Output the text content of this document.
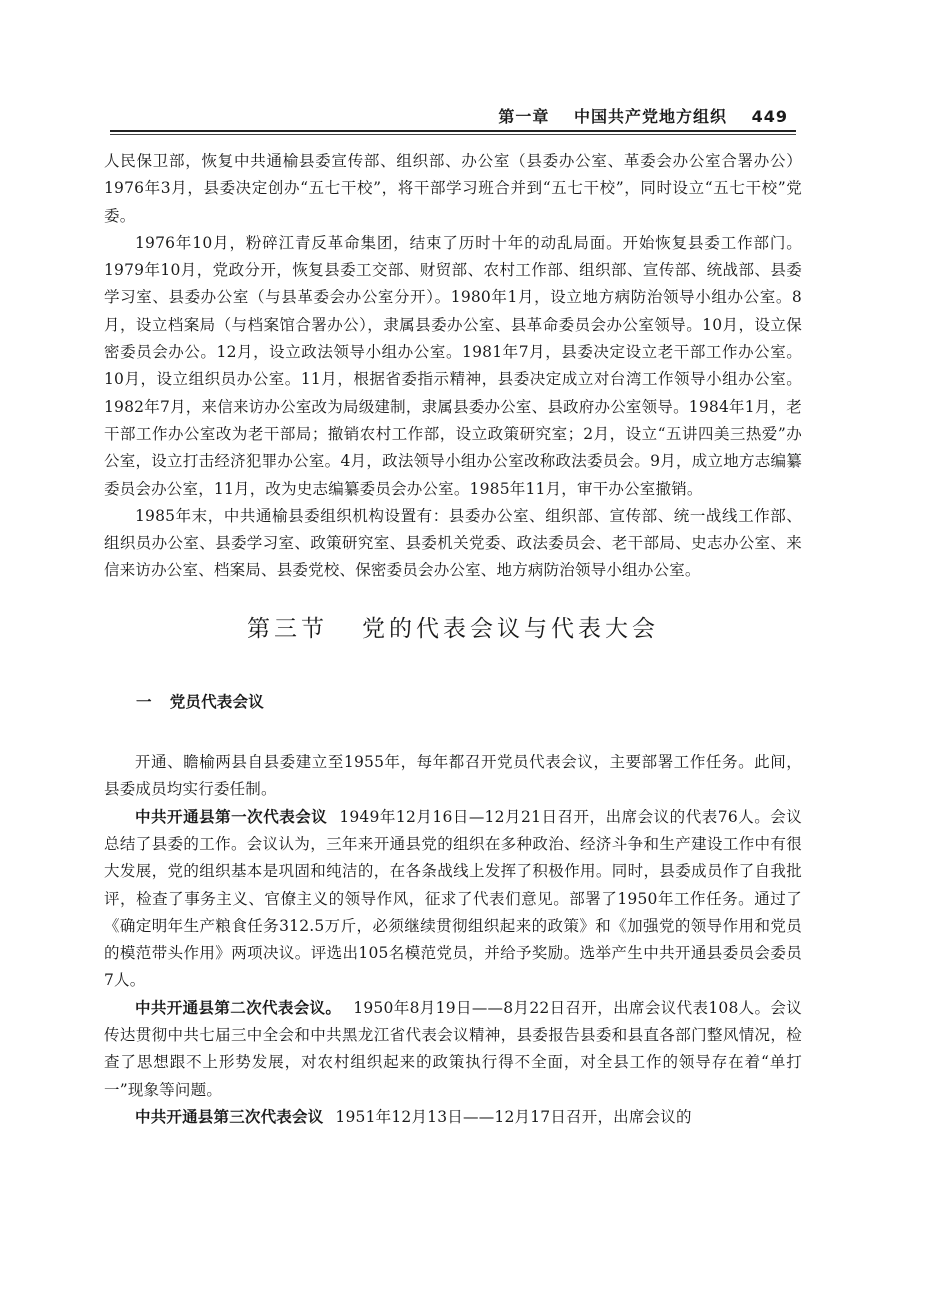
第一章 中国共产党地方组织 449

人民保卫部，恢复中共通榆县委宣传部、组织部、办公室（县委办公室、革委会办公室合署办公）1976年3月，县委决定创办“五七干校”，将干部学习班合并到“五七干校”，同时设立“五七干校”党委。

1976年10月，粉碎江青反革命集团，结束了历时十年的动乱局面。开始恢复县委工作部门。1979年10月，党政分开，恢复县委工交部、财贸部、农村工作部、组织部、宣传部、统战部、县委学习室、县委办公室（与县革委会办公室分开）。1980年1月，设立地方病防治领导小组办公室。8月，设立档案局（与档案馆合署办公），隶属县委办公室、县革命委员会办公室领导。10月，设立保密委员会办公。12月，设立政法领导小组办公室。1981年7月，县委决定设立老干部工作办公室。10月，设立组织员办公室。11月，根据省委指示精神，县委决定成立对台湾工作领导小组办公室。1982年7月，来信来访办公室改为局级建制，隶属县委办公室、县政府办公室领导。1984年1月，老干部工作办公室改为老干部局；撤销农村工作部，设立政策研究室；2月，设立“五讲四美三热爱”办公室，设立打击经济犯罪办公室。4月，政法领导小组办公室改称政法委员会。9月，成立地方志编纂委员会办公室，11月，改为史志编纂委员会办公室。1985年11月，审干办公室撤销。

1985年末，中共通榆县委组织机构设置有：县委办公室、组织部、宣传部、统一战线工作部、组织员办公室、县委学习室、政策研究室、县委机关党委、政法委员会、老干部局、史志办公室、来信来访办公室、档案局、县委党校、保密委员会办公室、地方病防治领导小组办公室。

第三节 党的代表会议与代表大会
一 党员代表会议

开通、瞻榆两县自县委建立至1955年，每年都召开党员代表会议，主要部署工作任务。此间，县委成员均实行委任制。

中共开通县第一次代表会议 1949年12月16日—12月21日召开，出席会议的代表76人。会议总结了县委的工作。会议认为，三年来开通县党的组织在多种政治、经济斗争和生产建设工作中有很大发展，党的组织基本是巩固和纯洁的，在各条战线上发挥了积极作用。同时，县委成员作了自我批评，检查了事务主义、官僚主义的领导作风，征求了代表们意见。部署了1950年工作任务。通过了《确定明年生产粮食任务312.5万斤，必须继续贯彻组织起来的政策》和《加强党的领导作用和党员的模范带头作用》两项决议。评选出105名模范党员，并给予奖励。选举产生中共开通县委员会委员7人。

中共开通县第二次代表会议。 1950年8月19日——8月22日召开，出席会议代表108人。会议传达贯彻中共七届三中全会和中共黑龙江省代表会议精神，县委报告县委和县直各部门整风情况，检查了思想跟不上形势发展，对农村组织起来的政策执行得不全面，对全县工作的领导存在着“单打一”现象等问题。

中共开通县第三次代表会议 1951年12月13日——12月17日召开，出席会议的
